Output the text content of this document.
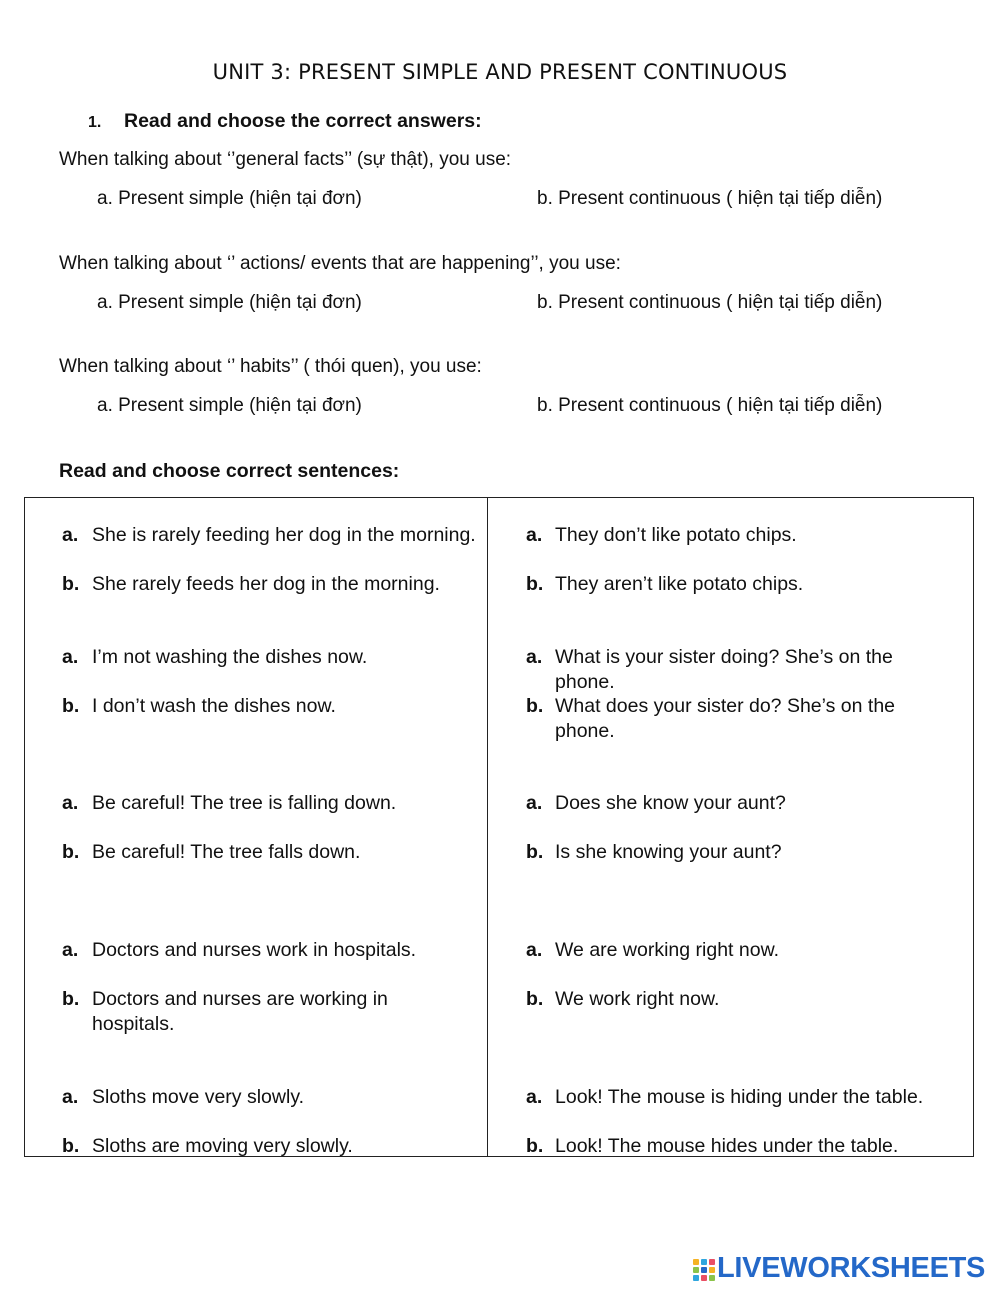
UNIT 3: PRESENT SIMPLE AND PRESENT CONTINUOUS
1. Read and choose the correct answers:
When talking about ‘’general facts’’ (sự thật), you use:
a. Present simple (hiện tại đơn)	b. Present continuous ( hiện tại tiếp diễn)
When talking about ‘’ actions/ events that are happening’’, you use:
a. Present simple (hiện tại đơn)	b. Present continuous ( hiện tại tiếp diễn)
When talking about ‘’ habits’’ ( thói quen), you use:
a. Present simple (hiện tại đơn)	b. Present continuous ( hiện tại tiếp diễn)
Read and choose correct sentences:
a. She is rarely feeding her dog in the morning.
b. She rarely feeds her dog in the morning.
a. I’m not washing the dishes now.
b. I don’t wash the dishes now.
a. Be careful! The tree is falling down.
b. Be careful! The tree falls down.
a. Doctors and nurses work in hospitals.
b. Doctors and nurses are working in hospitals.
a. Sloths move very slowly.
b. Sloths are moving very slowly.
a. They don’t like potato chips.
b. They aren’t like potato chips.
a. What is your sister doing? She’s on the phone.
b. What does your sister do? She’s on the phone.
a. Does she know your aunt?
b. Is she knowing your aunt?
a. We are working right now.
b. We work right now.
a. Look! The mouse is hiding under the table.
b. Look! The mouse hides under the table.
LIVEWORKSHEETS
